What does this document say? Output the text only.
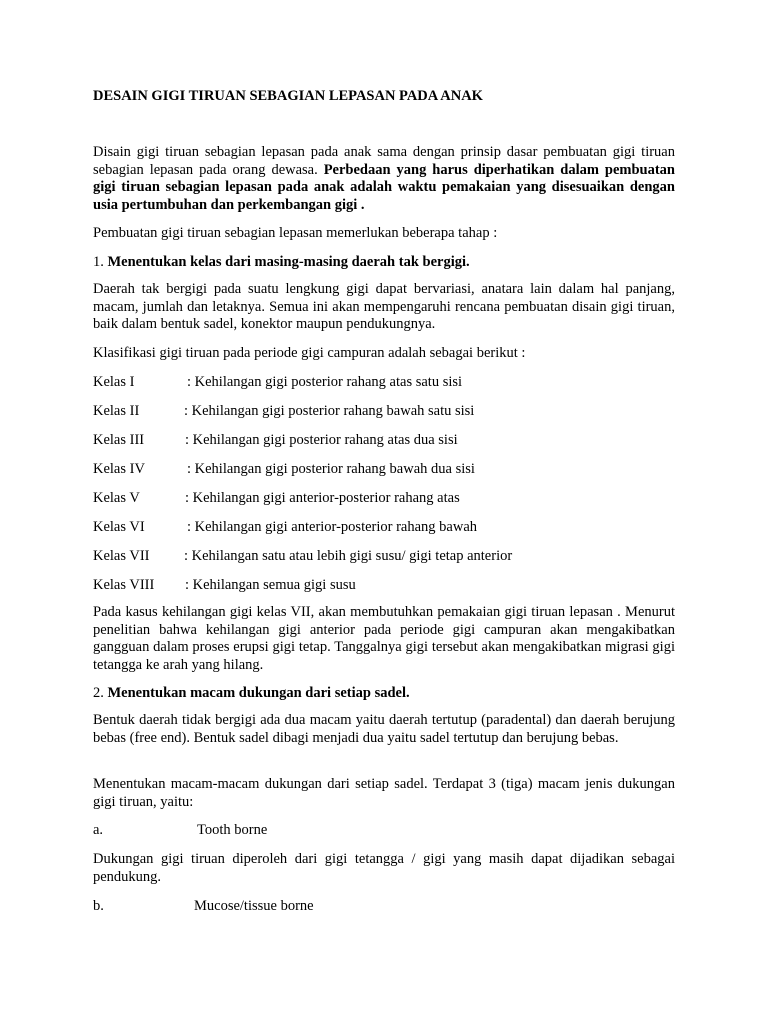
DESAIN GIGI TIRUAN SEBAGIAN LEPASAN PADA ANAK

Disain gigi tiruan sebagian lepasan pada anak sama dengan prinsip dasar pembuatan gigi tiruan sebagian lepasan pada orang dewasa. Perbedaan yang harus diperhatikan dalam pembuatan gigi tiruan sebagian lepasan pada anak adalah waktu pemakaian yang disesuaikan dengan usia pertumbuhan dan perkembangan gigi .

Pembuatan gigi tiruan sebagian lepasan memerlukan beberapa tahap :

1. Menentukan kelas dari masing-masing daerah tak bergigi.

Daerah tak bergigi pada suatu lengkung gigi dapat bervariasi, anatara lain dalam hal panjang, macam, jumlah dan letaknya. Semua ini akan mempengaruhi rencana pembuatan disain gigi tiruan, baik dalam bentuk sadel, konektor maupun pendukungnya.

Klasifikasi gigi tiruan pada periode gigi campuran adalah sebagai berikut :

Kelas I	: Kehilangan gigi posterior rahang atas satu sisi
Kelas II	: Kehilangan gigi posterior rahang bawah satu sisi
Kelas III	: Kehilangan gigi posterior rahang atas dua sisi
Kelas IV	: Kehilangan gigi posterior rahang bawah dua sisi
Kelas V	: Kehilangan gigi anterior-posterior rahang atas
Kelas VI	: Kehilangan gigi anterior-posterior rahang bawah
Kelas VII : Kehilangan satu atau lebih gigi susu/ gigi tetap anterior
Kelas VIII : Kehilangan semua gigi susu

Pada kasus kehilangan gigi kelas VII, akan membutuhkan pemakaian gigi tiruan lepasan . Menurut penelitian bahwa kehilangan gigi anterior pada periode gigi campuran akan mengakibatkan gangguan dalam proses erupsi gigi tetap. Tanggalnya gigi tersebut akan mengakibatkan migrasi gigi tetangga ke arah yang hilang.

2. Menentukan macam dukungan dari setiap sadel.

Bentuk daerah tidak bergigi ada dua macam yaitu daerah tertutup (paradental) dan daerah berujung bebas (free end). Bentuk sadel dibagi menjadi dua yaitu sadel tertutup dan berujung bebas.

Menentukan macam-macam dukungan dari setiap sadel. Terdapat 3 (tiga) macam jenis dukungan gigi tiruan, yaitu:

a.	Tooth borne

Dukungan gigi tiruan diperoleh dari gigi tetangga / gigi yang masih dapat dijadikan sebagai pendukung.

b.	Mucose/tissue borne
